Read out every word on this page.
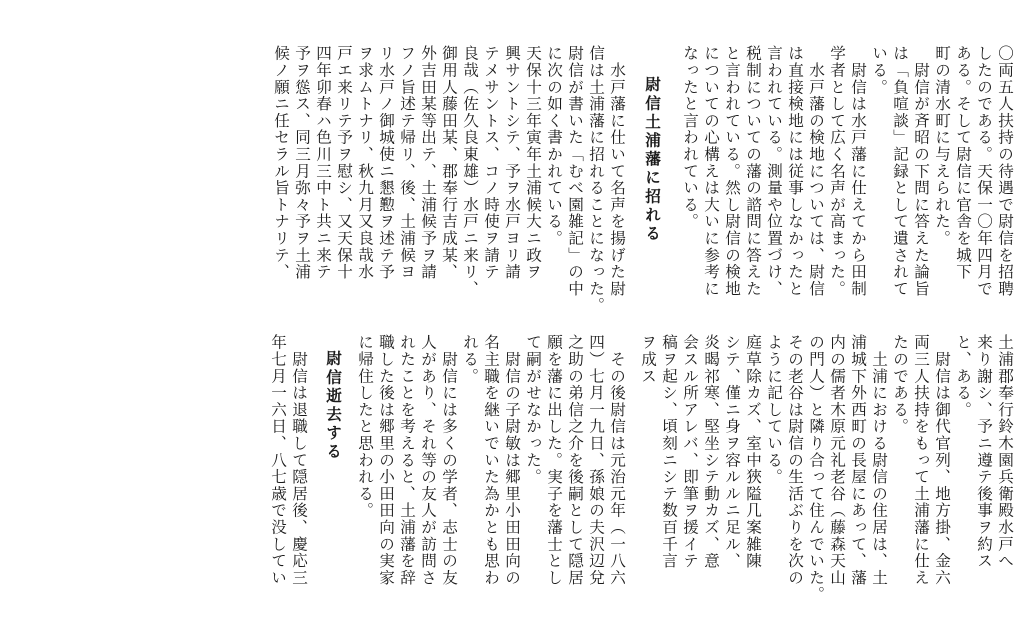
〇両五人扶持の待遇で尉信を招聘
したのである。天保一〇年四月で
ある。そして尉信に官舎を城下
町の清水町に与えられた。
　尉信が斉昭の下問に答えた論旨
は「負喧談」記録として遺されて
いる。
　尉信は水戸藩に仕えてから田制
学者として広く名声が高まった。
　水戸藩の検地については、尉信
は直接検地には従事しなかったと
言われている。測量や位置づけ、
税制についての藩の諮問に答えた
と言われている。然し尉信の検地
についての心構えは大いに参考に
なったと言われている。
尉信土浦藩に招れる
　水戸藩に仕いて名声を揚げた尉
信は土浦藩に招れることになった。
尉信が書いた「むべ園雑記」の中
に次の如く書かれている。
天保十三年寅年土浦候大ニ政ヲ
興サントシテ、予ヲ水戸ヨリ請
テメサントス、コノ時使ヲ請テ
良哉（佐久良東雄）水戸ニ来リ、
御用人藤田某、郡奉行吉成某、
外吉田某等出テ、土浦候予ヲ請
フノ旨述テ帰リ、後、土浦候ヨ
リ水戸ノ御城使ニ懇懃ヲ述テ予
ヲ求ムトナリ、秋九月又良哉水
戸エ来リテ予ヲ慰シ、又天保十
四年卯春ハ色川三中ト共ニ来テ
予ヲ慫ス、同三月弥々予ヲ土浦
候ノ願ニ任セラル旨トナリテ、
土浦郡奉行鈴木園兵衛殿水戸へ
来り謝シ、予ニ遵テ後事ヲ約ス
と、ある。
　尉信は御代官列、地方掛、金六
両三人扶持をもって土浦藩に仕え
たのである。
　土浦における尉信の住居は、土
浦城下外西町の長屋にあって、藩
内の儒者木原元礼老谷（藤森天山
の門人）と隣り合って住んでいた。
その老谷は尉信の生活ぶりを次の
ように記している。
庭草除カズ、室中狹隘几案雑陳
シテ、僅ニ身ヲ容ルルニ足ル、
炎暍祁寒、堅坐シテ動カズ、意
会スル所アレバ、即筆ヲ援イテ
稿ヲ起シ、頃刻ニシテ数百千言
ヲ成ス
　その後尉信は元治元年（一八六
四）七月一九日、孫娘の夫沢辺兌
之助の弟信之介を後嗣として隠居
願を藩に出した。実子を藩士とし
て嗣がせなかった。
　尉信の子尉敏は郷里小田田向の
名主職を継いでいた為かとも思わ
れる。
　尉信には多くの学者、志士の友
人があり、それ等の友人が訪問さ
れたことを考えると、土浦藩を辞
職した後は郷里の小田田向の実家
に帰住したと思われる。
尉信逝去する
　尉信は退職して隠居後、慶応三
年七月一六日、八七歳で没してい
